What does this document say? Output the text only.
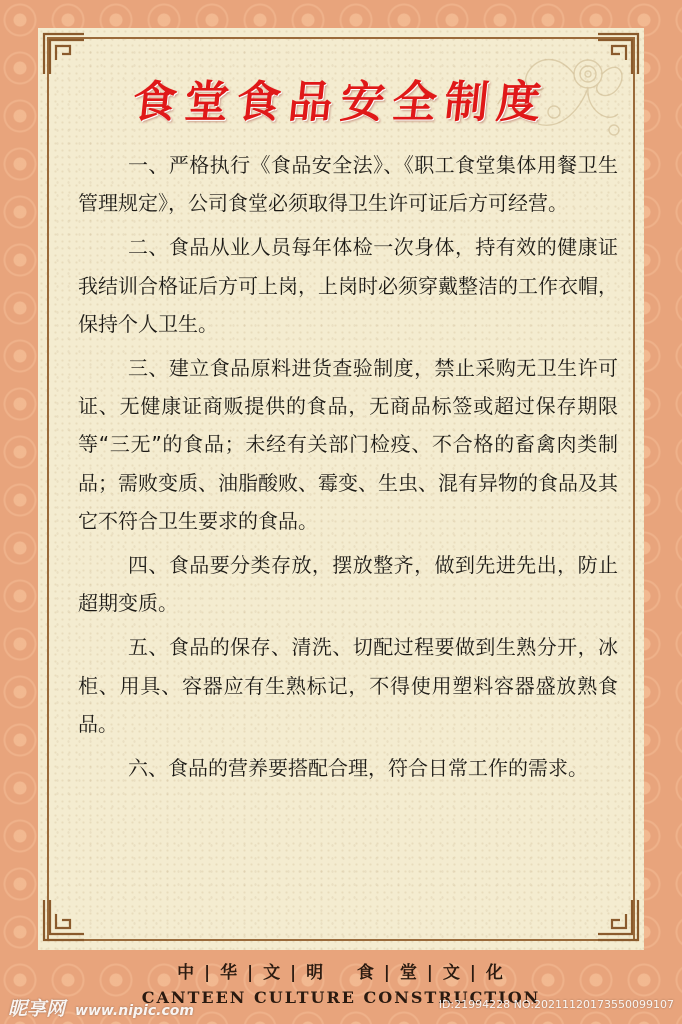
食堂食品安全制度

一、严格执行《食品安全法》、《职工食堂集体用餐卫生管理规定》，公司食堂必须取得卫生许可证后方可经营。

二、食品从业人员每年体检一次身体，持有效的健康证我结训合格证后方可上岗，上岗时必须穿戴整洁的工作衣帽，保持个人卫生。

三、建立食品原料进货查验制度，禁止采购无卫生许可证、无健康证商贩提供的食品，无商品标签或超过保存期限等“三无”的食品；未经有关部门检疫、不合格的畜禽肉类制品；需败变质、油脂酸败、霉变、生虫、混有异物的食品及其它不符合卫生要求的食品。

四、食品要分类存放，摆放整齐，做到先进先出，防止超期变质。

五、食品的保存、清洗、切配过程要做到生熟分开，冰柜、用具、容器应有生熟标记，不得使用塑料容器盛放熟食品。

六、食品的营养要搭配合理，符合日常工作的需求。

中 | 华 | 文 | 明    食 | 堂 | 文 | 化
CANTEEN CULTURE CONSTRUCTION
昵享网 www.nipic.com	ID:21994228 NO:20211120173550099107
